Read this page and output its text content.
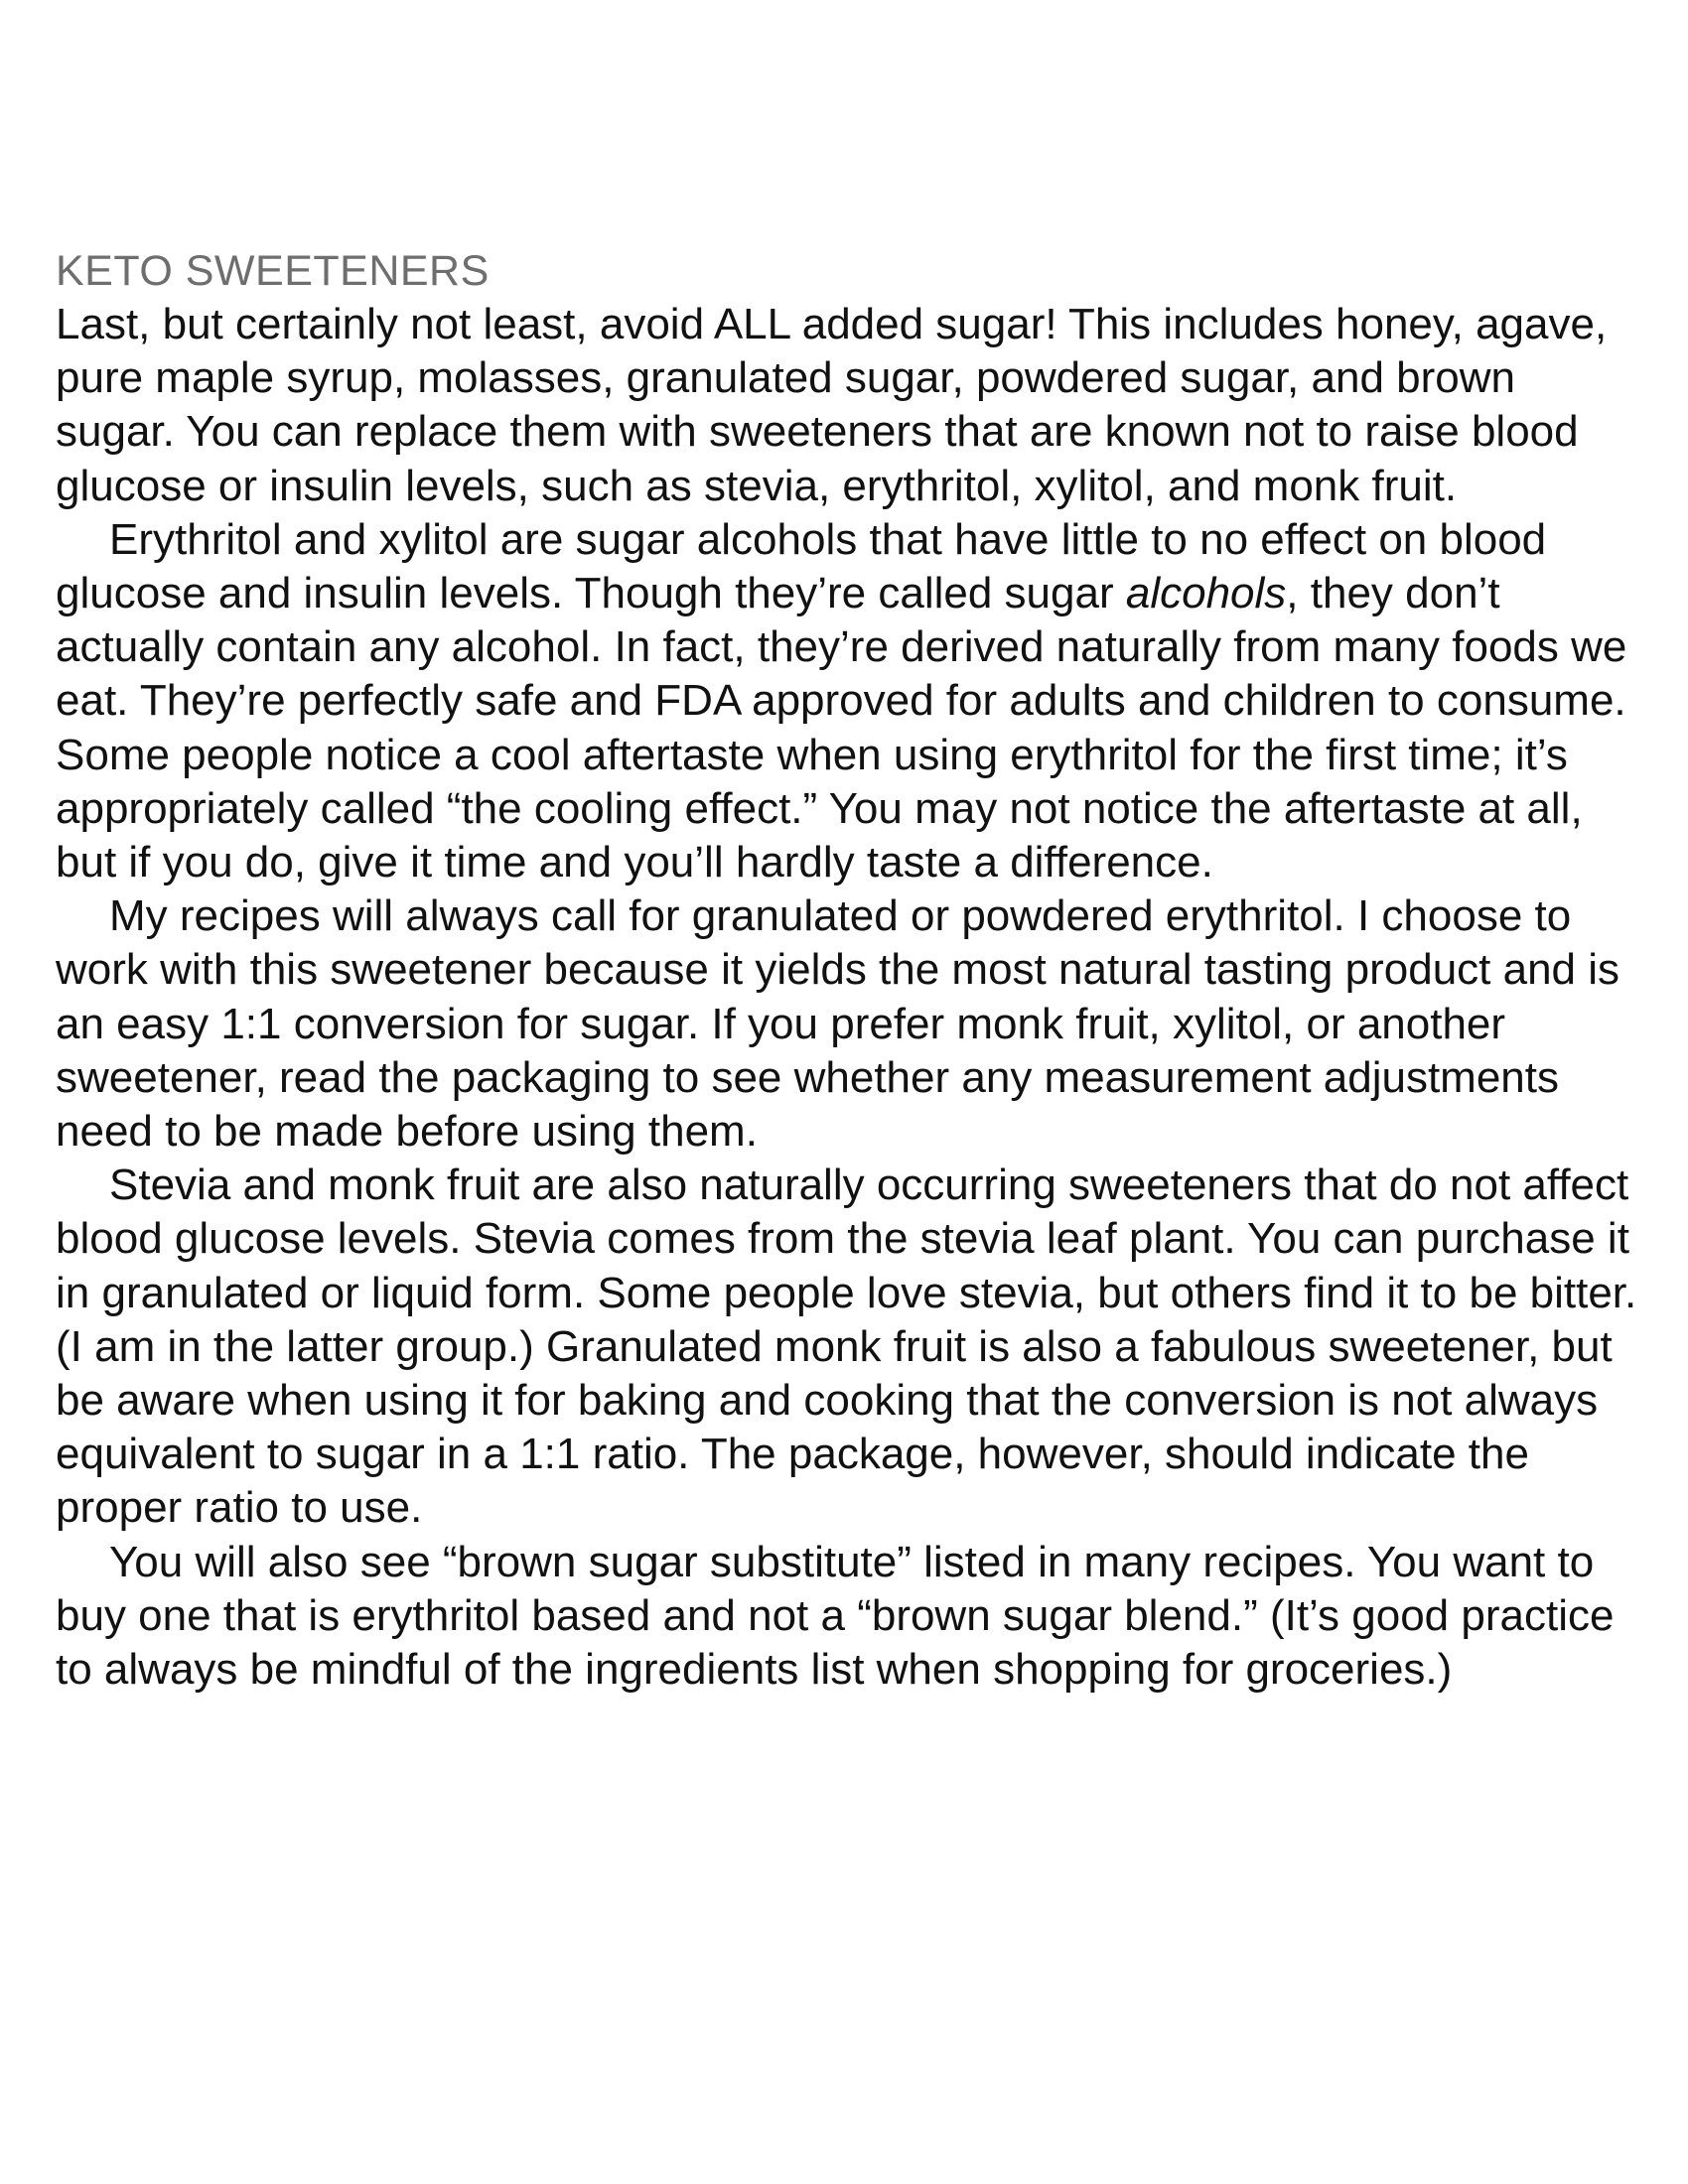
KETO SWEETENERS

Last, but certainly not least, avoid ALL added sugar! This includes honey, agave, pure maple syrup, molasses, granulated sugar, powdered sugar, and brown sugar. You can replace them with sweeteners that are known not to raise blood glucose or insulin levels, such as stevia, erythritol, xylitol, and monk fruit.

Erythritol and xylitol are sugar alcohols that have little to no effect on blood glucose and insulin levels. Though they’re called sugar alcohols, they don’t actually contain any alcohol. In fact, they’re derived naturally from many foods we eat. They’re perfectly safe and FDA approved for adults and children to consume. Some people notice a cool aftertaste when using erythritol for the first time; it’s appropriately called “the cooling effect.” You may not notice the aftertaste at all, but if you do, give it time and you’ll hardly taste a difference.

My recipes will always call for granulated or powdered erythritol. I choose to work with this sweetener because it yields the most natural tasting product and is an easy 1:1 conversion for sugar. If you prefer monk fruit, xylitol, or another sweetener, read the packaging to see whether any measurement adjustments need to be made before using them.

Stevia and monk fruit are also naturally occurring sweeteners that do not affect blood glucose levels. Stevia comes from the stevia leaf plant. You can purchase it in granulated or liquid form. Some people love stevia, but others find it to be bitter. (I am in the latter group.) Granulated monk fruit is also a fabulous sweetener, but be aware when using it for baking and cooking that the conversion is not always equivalent to sugar in a 1:1 ratio. The package, however, should indicate the proper ratio to use.

You will also see “brown sugar substitute” listed in many recipes. You want to buy one that is erythritol based and not a “brown sugar blend.” (It’s good practice to always be mindful of the ingredients list when shopping for groceries.)
